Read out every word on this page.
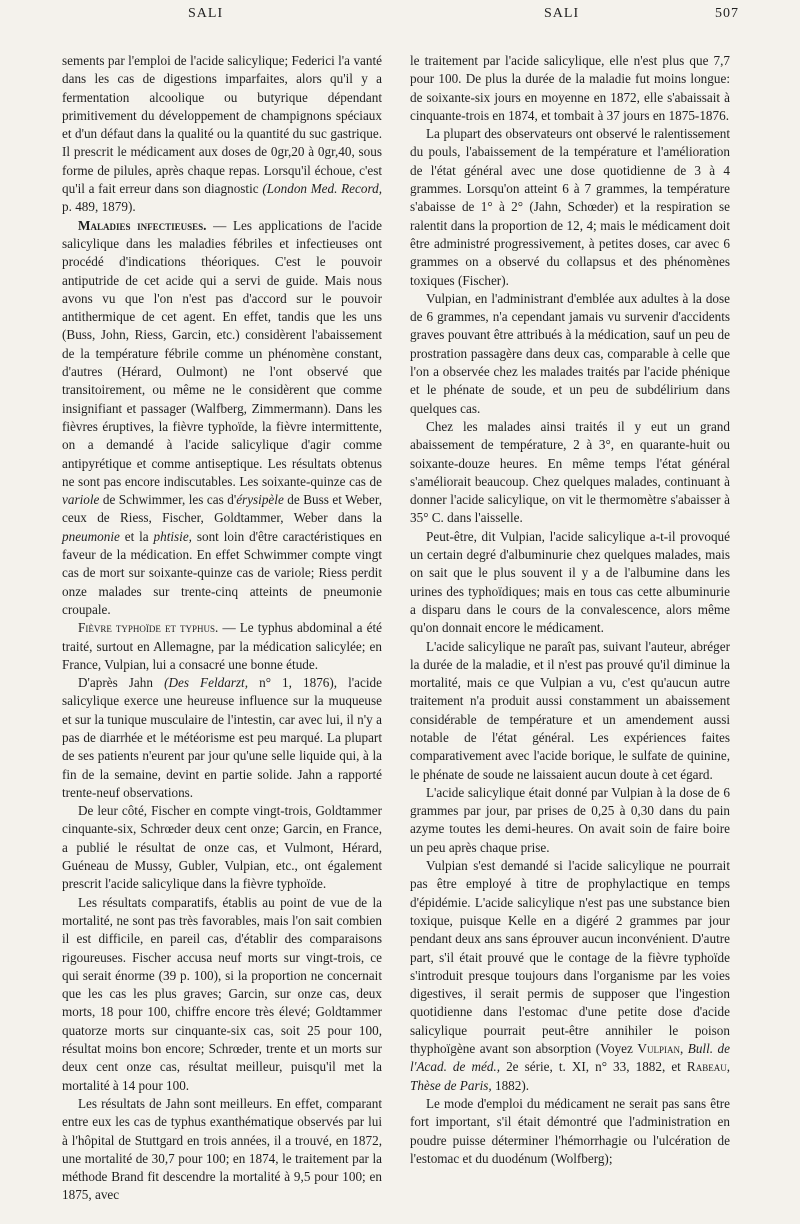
SALI	SALI	507

sements par l'emploi de l'acide salicylique; Federici l'a vanté dans les cas de digestions imparfaites, alors qu'il y a fermentation alcoolique ou butyrique dépendant primitivement du développement de champignons spéciaux et d'un défaut dans la qualité ou la quantité du suc gastrique. Il prescrit le médicament aux doses de 0gr,20 à 0gr,40, sous forme de pilules, après chaque repas. Lorsqu'il échoue, c'est qu'il a fait erreur dans son diagnostic (London Med. Record, p. 489, 1879).

Maladies infectieuses. — Les applications de l'acide salicylique dans les maladies fébriles et infectieuses ont procédé d'indications théoriques. C'est le pouvoir antiputride de cet acide qui a servi de guide. Mais nous avons vu que l'on n'est pas d'accord sur le pouvoir antithermique de cet agent. En effet, tandis que les uns (Buss, John, Riess, Garcin, etc.) considèrent l'abaissement de la température fébrile comme un phénomène constant, d'autres (Hérard, Oulmont) ne l'ont observé que transitoirement, ou même ne le considèrent que comme insignifiant et passager (Walfberg, Zimmermann). Dans les fièvres éruptives, la fièvre typhoïde, la fièvre intermittente, on a demandé à l'acide salicylique d'agir comme antipyrétique et comme antiseptique. Les résultats obtenus ne sont pas encore indiscutables. Les soixante-quinze cas de variole de Schwimmer, les cas d'érysipèle de Buss et Weber, ceux de Riess, Fischer, Goldtammer, Weber dans la pneumonie et la phtisie, sont loin d'être caractéristiques en faveur de la médication. En effet Schwimmer compte vingt cas de mort sur soixante-quinze cas de variole; Riess perdit onze malades sur trente-cinq atteints de pneumonie croupale.

Fièvre typhoïde et typhus. — Le typhus abdominal a été traité, surtout en Allemagne, par la médication salicylée; en France, Vulpian, lui a consacré une bonne étude.

D'après Jahn (Des Feldarzt, n° 1, 1876), l'acide salicylique exerce une heureuse influence sur la muqueuse et sur la tunique musculaire de l'intestin, car avec lui, il n'y a pas de diarrhée et le météorisme est peu marqué. La plupart de ses patients n'eurent par jour qu'une selle liquide qui, à la fin de la semaine, devint en partie solide. Jahn a rapporté trente-neuf observations.

De leur côté, Fischer en compte vingt-trois, Goldtammer cinquante-six, Schrœder deux cent onze; Garcin, en France, a publié le résultat de onze cas, et Vulmont, Hérard, Guéneau de Mussy, Gubler, Vulpian, etc., ont également prescrit l'acide salicylique dans la fièvre typhoïde.

Les résultats comparatifs, établis au point de vue de la mortalité, ne sont pas très favorables, mais l'on sait combien il est difficile, en pareil cas, d'établir des comparaisons rigoureuses. Fischer accusa neuf morts sur vingt-trois, ce qui serait énorme (39 p. 100), si la proportion ne concernait que les cas les plus graves; Garcin, sur onze cas, deux morts, 18 pour 100, chiffre encore très élevé; Goldtammer quatorze morts sur cinquante-six cas, soit 25 pour 100, résultat moins bon encore; Schrœder, trente et un morts sur deux cent onze cas, résultat meilleur, puisqu'il met la mortalité à 14 pour 100.

Les résultats de Jahn sont meilleurs. En effet, comparant entre eux les cas de typhus exanthématique observés par lui à l'hôpital de Stuttgard en trois années, il a trouvé, en 1872, une mortalité de 30,7 pour 100; en 1874, le traitement par la méthode Brand fit descendre la mortalité à 9,5 pour 100; en 1875, avec

le traitement par l'acide salicylique, elle n'est plus que 7,7 pour 100. De plus la durée de la maladie fut moins longue: de soixante-six jours en moyenne en 1872, elle s'abaissait à cinquante-trois en 1874, et tombait à 37 jours en 1875-1876.

La plupart des observateurs ont observé le ralentissement du pouls, l'abaissement de la température et l'amélioration de l'état général avec une dose quotidienne de 3 à 4 grammes. Lorsqu'on atteint 6 à 7 grammes, la température s'abaisse de 1° à 2° (Jahn, Schœder) et la respiration se ralentit dans la proportion de 12, 4; mais le médicament doit être administré progressivement, à petites doses, car avec 6 grammes on a observé du collapsus et des phénomènes toxiques (Fischer).

Vulpian, en l'administrant d'emblée aux adultes à la dose de 6 grammes, n'a cependant jamais vu survenir d'accidents graves pouvant être attribués à la médication, sauf un peu de prostration passagère dans deux cas, comparable à celle que l'on a observée chez les malades traités par l'acide phénique et le phénate de soude, et un peu de subdélirium dans quelques cas.

Chez les malades ainsi traités il y eut un grand abaissement de température, 2 à 3°, en quarante-huit ou soixante-douze heures. En même temps l'état général s'améliorait beaucoup. Chez quelques malades, continuant à donner l'acide salicylique, on vit le thermomètre s'abaisser à 35° C. dans l'aisselle.

Peut-être, dit Vulpian, l'acide salicylique a-t-il provoqué un certain degré d'albuminurie chez quelques malades, mais on sait que le plus souvent il y a de l'albumine dans les urines des typhoïdiques; mais en tous cas cette albuminurie a disparu dans le cours de la convalescence, alors même qu'on donnait encore le médicament.

L'acide salicylique ne paraît pas, suivant l'auteur, abréger la durée de la maladie, et il n'est pas prouvé qu'il diminue la mortalité, mais ce que Vulpian a vu, c'est qu'aucun autre traitement n'a produit aussi constamment un abaissement considérable de température et un amendement aussi notable de l'état général. Les expériences faites comparativement avec l'acide borique, le sulfate de quinine, le phénate de soude ne laissaient aucun doute à cet égard.

L'acide salicylique était donné par Vulpian à la dose de 6 grammes par jour, par prises de 0,25 à 0,30 dans du pain azyme toutes les demi-heures. On avait soin de faire boire un peu après chaque prise.

Vulpian s'est demandé si l'acide salicylique ne pourrait pas être employé à titre de prophylactique en temps d'épidémie. L'acide salicylique n'est pas une substance bien toxique, puisque Kelle en a digéré 2 grammes par jour pendant deux ans sans éprouver aucun inconvénient. D'autre part, s'il était prouvé que le contage de la fièvre typhoïde s'introduit presque toujours dans l'organisme par les voies digestives, il serait permis de supposer que l'ingestion quotidienne dans l'estomac d'une petite dose d'acide salicylique pourrait peut-être annihiler le poison thyphoïgène avant son absorption (Voyez Vulpian, Bull. de l'Acad. de méd., 2e série, t. XI, n° 33, 1882, et Rabeau, Thèse de Paris, 1882).

Le mode d'emploi du médicament ne serait pas sans être fort important, s'il était démontré que l'administration en poudre puisse déterminer l'hémorrhagie ou l'ulcération de l'estomac et du duodénum (Wolfberg);
